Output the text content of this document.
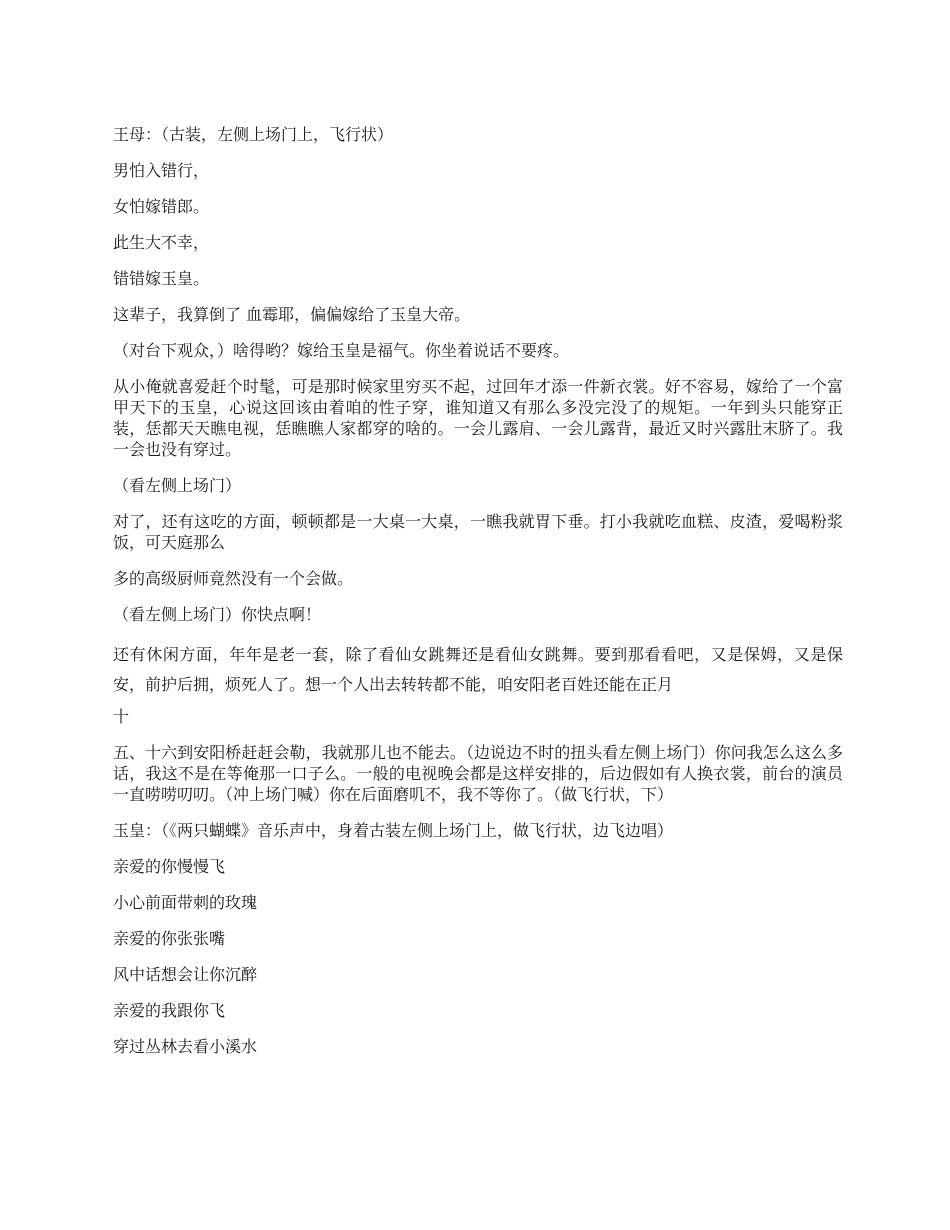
王母：（古装，左侧上场门上，飞行状）

男怕入错行，

女怕嫁错郎。

此生大不幸，

错错嫁玉皇。

这辈子，我算倒了 血霉耶，偏偏嫁给了玉皇大帝。

（对台下观众，）啥得哟？嫁给玉皇是福气。你坐着说话不要疼。

从小俺就喜爱赶个时髦，可是那时候家里穷买不起，过回年才添一件新衣裳。好不容易，嫁给了一个富甲天下的玉皇，心说这回该由着咱的性子穿，谁知道又有那么多没完没了的规矩。一年到头只能穿正装，恁都天天瞧电视，恁瞧瞧人家都穿的啥的。一会儿露肩、一会儿露背，最近又时兴露肚末脐了。我一会也没有穿过。

（看左侧上场门）

对了，还有这吃的方面，顿顿都是一大桌一大桌，一瞧我就胃下垂。打小我就吃血糕、皮渣，爱喝粉浆 饭，可天庭那么

多的高级厨师竟然没有一个会做。

（看左侧上场门）你快点啊！

还有休闲方面，年年是老一套，除了看仙女跳舞还是看仙女跳舞。要到那看看吧，又是保姆，又是保安，前护后拥，烦死人了。想一个人出去转转都不能，咱安阳老百姓还能在正月

十

五、十六到安阳桥赶赶会勒，我就那儿也不能去。（边说边不时的扭头看左侧上场门）你问我怎么这么多话，我这不是在等俺那一口子么。一般的电视晚会都是这样安排的，后边假如有人换衣裳，前台的演员一直唠唠叨叨。（冲上场门喊）你在后面磨叽不，我不等你了。（做飞行状，下）

玉皇：（《两只蝴蝶》音乐声中，身着古装左侧上场门上，做飞行状，边飞边唱）

亲爱的你慢慢飞

小心前面带刺的玫瑰

亲爱的你张张嘴

风中话想会让你沉醉

亲爱的我跟你飞

穿过丛林去看小溪水
